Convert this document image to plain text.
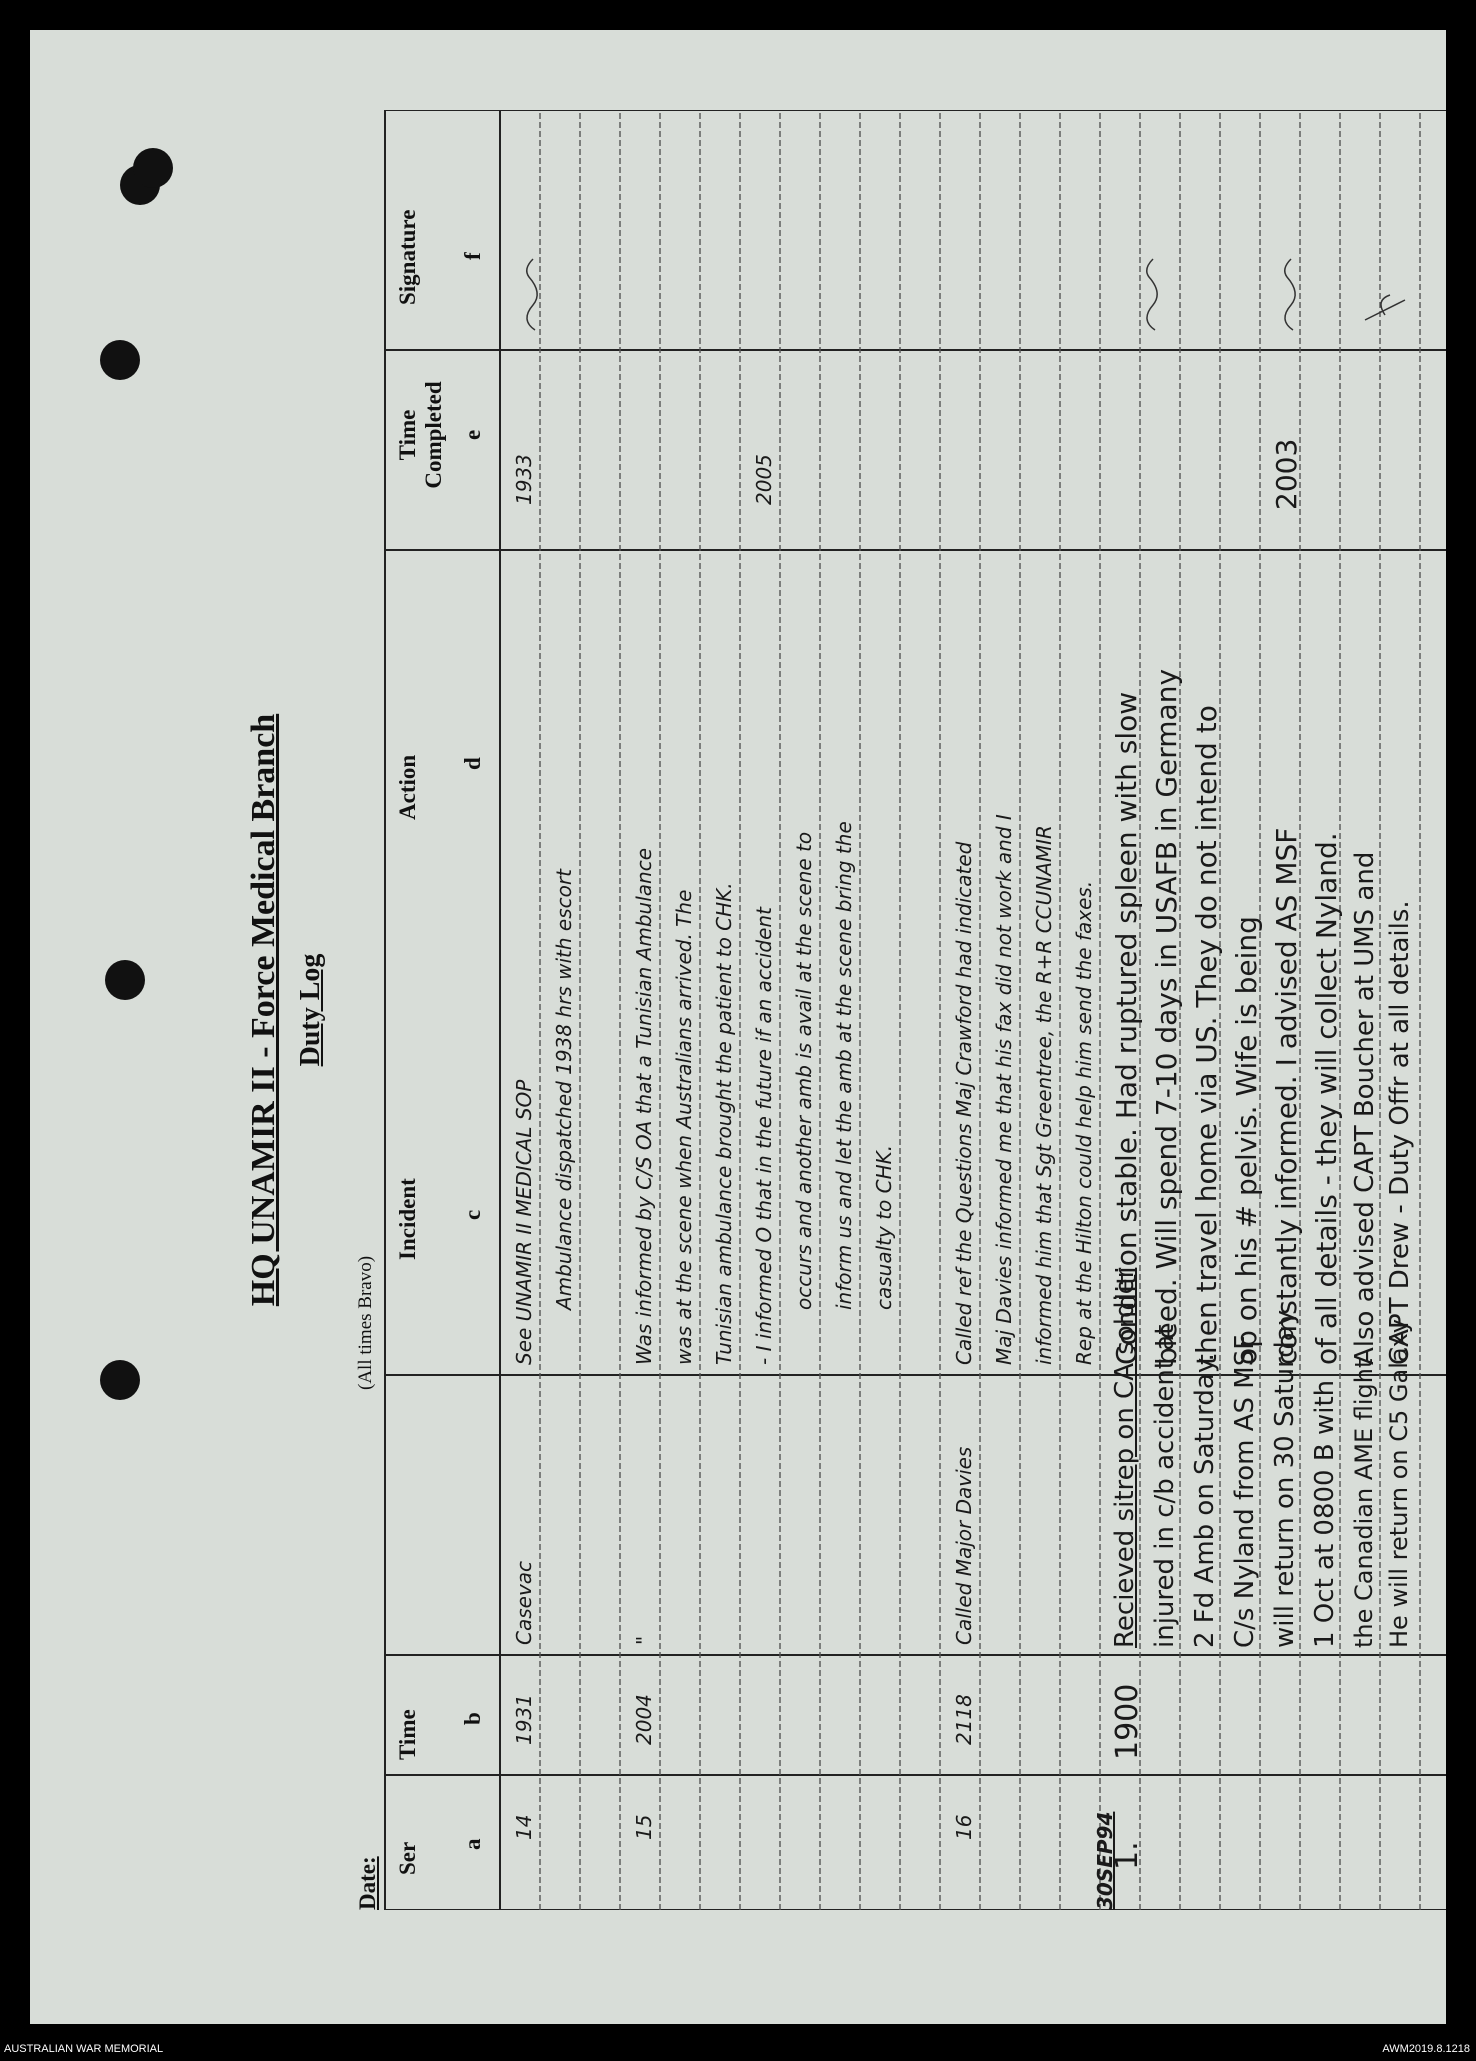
HQ UNAMIR II - Force Medical Branch Duty Log
Date:
(All times Bravo)
Ser
Time
Incident
Action
Time Completed
Signature
a
b
c
d
e
f
14
1931
Casevac
See UNAMIR II MEDICAL SOP Ambulance dispatched 1938 hrs with escort
1933
15
2004
"
Was informed by C/S OA that a Tunisian Ambulance was at the scene when Australians arrived. The Tunisian ambulance brought the patient to CHK. - I informed O that in the future if an accident occurs and another amb is avail at the scene to inform us and let the amb at the scene bring the casualty to CHK.
2005
16
2118
Called Major Davies
Called ref the Questions Maj Crawford had indicated Maj Davies informed me that his fax did not work and I informed him that Sgt Greentree, the R+R CCUNAMIR Rep at the Hilton could help him send the faxes.
30SEP94
1.
1900
Recieved sitrep on CA soldier injured in c/b accident at 2 Fd Amb on Saturday. C/s Nyland from AS MSF will return on 30 Saturday 1 Oct at 0800 B with the Canadian AME flight He will return on C5 Galaxy
Condition stable. Had ruptured spleen with slow bleed. Will spend 7-10 days in USAFB in Germany then travel home via US. They do not intend to op on his # pelvis. Wife is being constantly informed. I advised AS MSF of all details - they will collect Nyland. Also advised CAPT Boucher at UMS and CAPT Drew - Duty Offr at all details.
2003
AUSTRALIAN WAR MEMORIAL	AWM2019.8.1218
